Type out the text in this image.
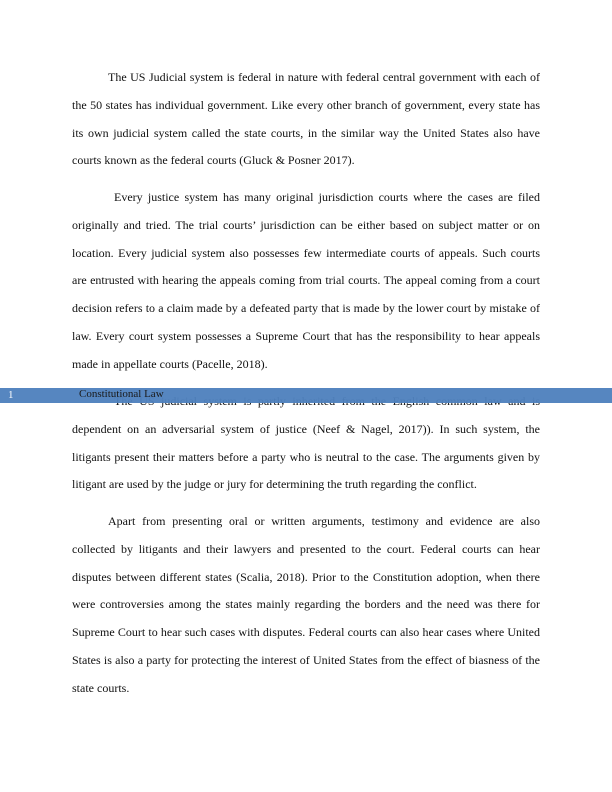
The US Judicial system is federal in nature with federal central government with each of the 50 states has individual government. Like every other branch of government, every state has its own judicial system called the state courts, in the similar way the United States also have courts known as the federal courts (Gluck & Posner 2017).

Every justice system has many original jurisdiction courts where the cases are filed originally and tried. The trial courts’ jurisdiction can be either based on subject matter or on location. Every judicial system also possesses few intermediate courts of appeals. Such courts are entrusted with hearing the appeals coming from trial courts. The appeal coming from a court decision refers to a claim made by a defeated party that is made by the lower court by mistake of law. Every court system possesses a Supreme Court that has the responsibility to hear appeals made in appellate courts (Pacelle, 2018).

dependent on an adversarial system of justice (Neef & Nagel, 2017)). In such system, the litigants present their matters before a party who is neutral to the case. The arguments given by litigant are used by the judge or jury for determining the truth regarding the conflict.

Apart from presenting oral or written arguments, testimony and evidence are also collected by litigants and their lawyers and presented to the court. Federal courts can hear disputes between different states (Scalia, 2018). Prior to the Constitution adoption, when there were controversies among the states mainly regarding the borders and the need was there for Supreme Court to hear such cases with disputes. Federal courts can also hear cases where United States is also a party for protecting the interest of United States from the effect of biasness of the state courts.

1	Constitutional Law
